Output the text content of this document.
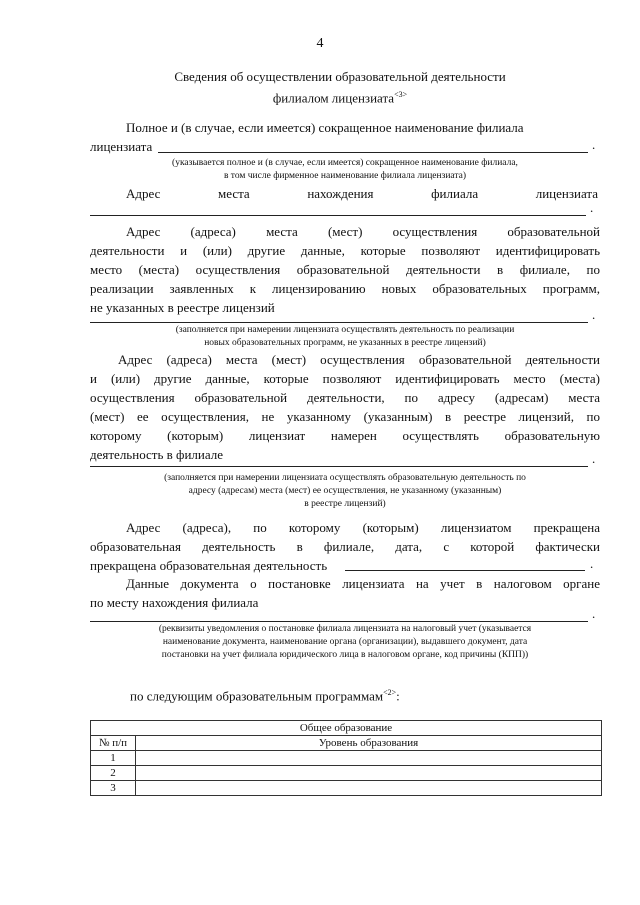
4
Сведения об осуществлении образовательной деятельности
филиалом лицензиата$^{<3>}$
Полное и (в случае, если имеется) сокращенное наименование филиала
лицензиата	.
(указывается полное и (в случае, если имеется) сокращенное наименование филиала,
в том числе фирменное наименование филиала лицензиата)
Адрес	места	нахождения	филиала	лицензиата
.
Адрес (адреса) места (мест) осуществления образовательной
деятельности и (или) другие данные, которые позволяют идентифицировать
место (места) осуществления образовательной деятельности в филиале, по
реализации заявленных к лицензированию новых образовательных программ,
не указанных в реестре лицензий	.
(заполняется при намерении лицензиата осуществлять деятельность по реализации
новых образовательных программ, не указанных в реестре лицензий)
Адрес (адреса) места (мест) осуществления образовательной деятельности
и (или) другие данные, которые позволяют идентифицировать место (места)
осуществления образовательной деятельности, по адресу (адресам) места
(мест) ее осуществления, не указанному (указанным) в реестре лицензий, по
которому (которым) лицензиат намерен осуществлять образовательную
деятельность в филиале	.
(заполняется при намерении лицензиата осуществлять образовательную деятельность по
адресу (адресам) места (мест) ее осуществления, не указанному (указанным)
в реестре лицензий)
Адрес (адреса), по которому (которым) лицензиатом прекращена
образовательная деятельность в филиале, дата, с которой фактически
прекращена образовательная деятельность	.
Данные документа о постановке лицензиата на учет в налоговом органе
по месту нахождения филиала
.
(реквизиты уведомления о постановке филиала лицензиата на налоговый учет (указывается
наименование документа, наименование органа (организации), выдавшего документ, дата
постановки на учет филиала юридического лица в налоговом органе, код причины (КПП))
по следующим образовательным программам$^{<2>}$:
Общее образование	
№ п/п	Уровень образования
1	
2	
3	
